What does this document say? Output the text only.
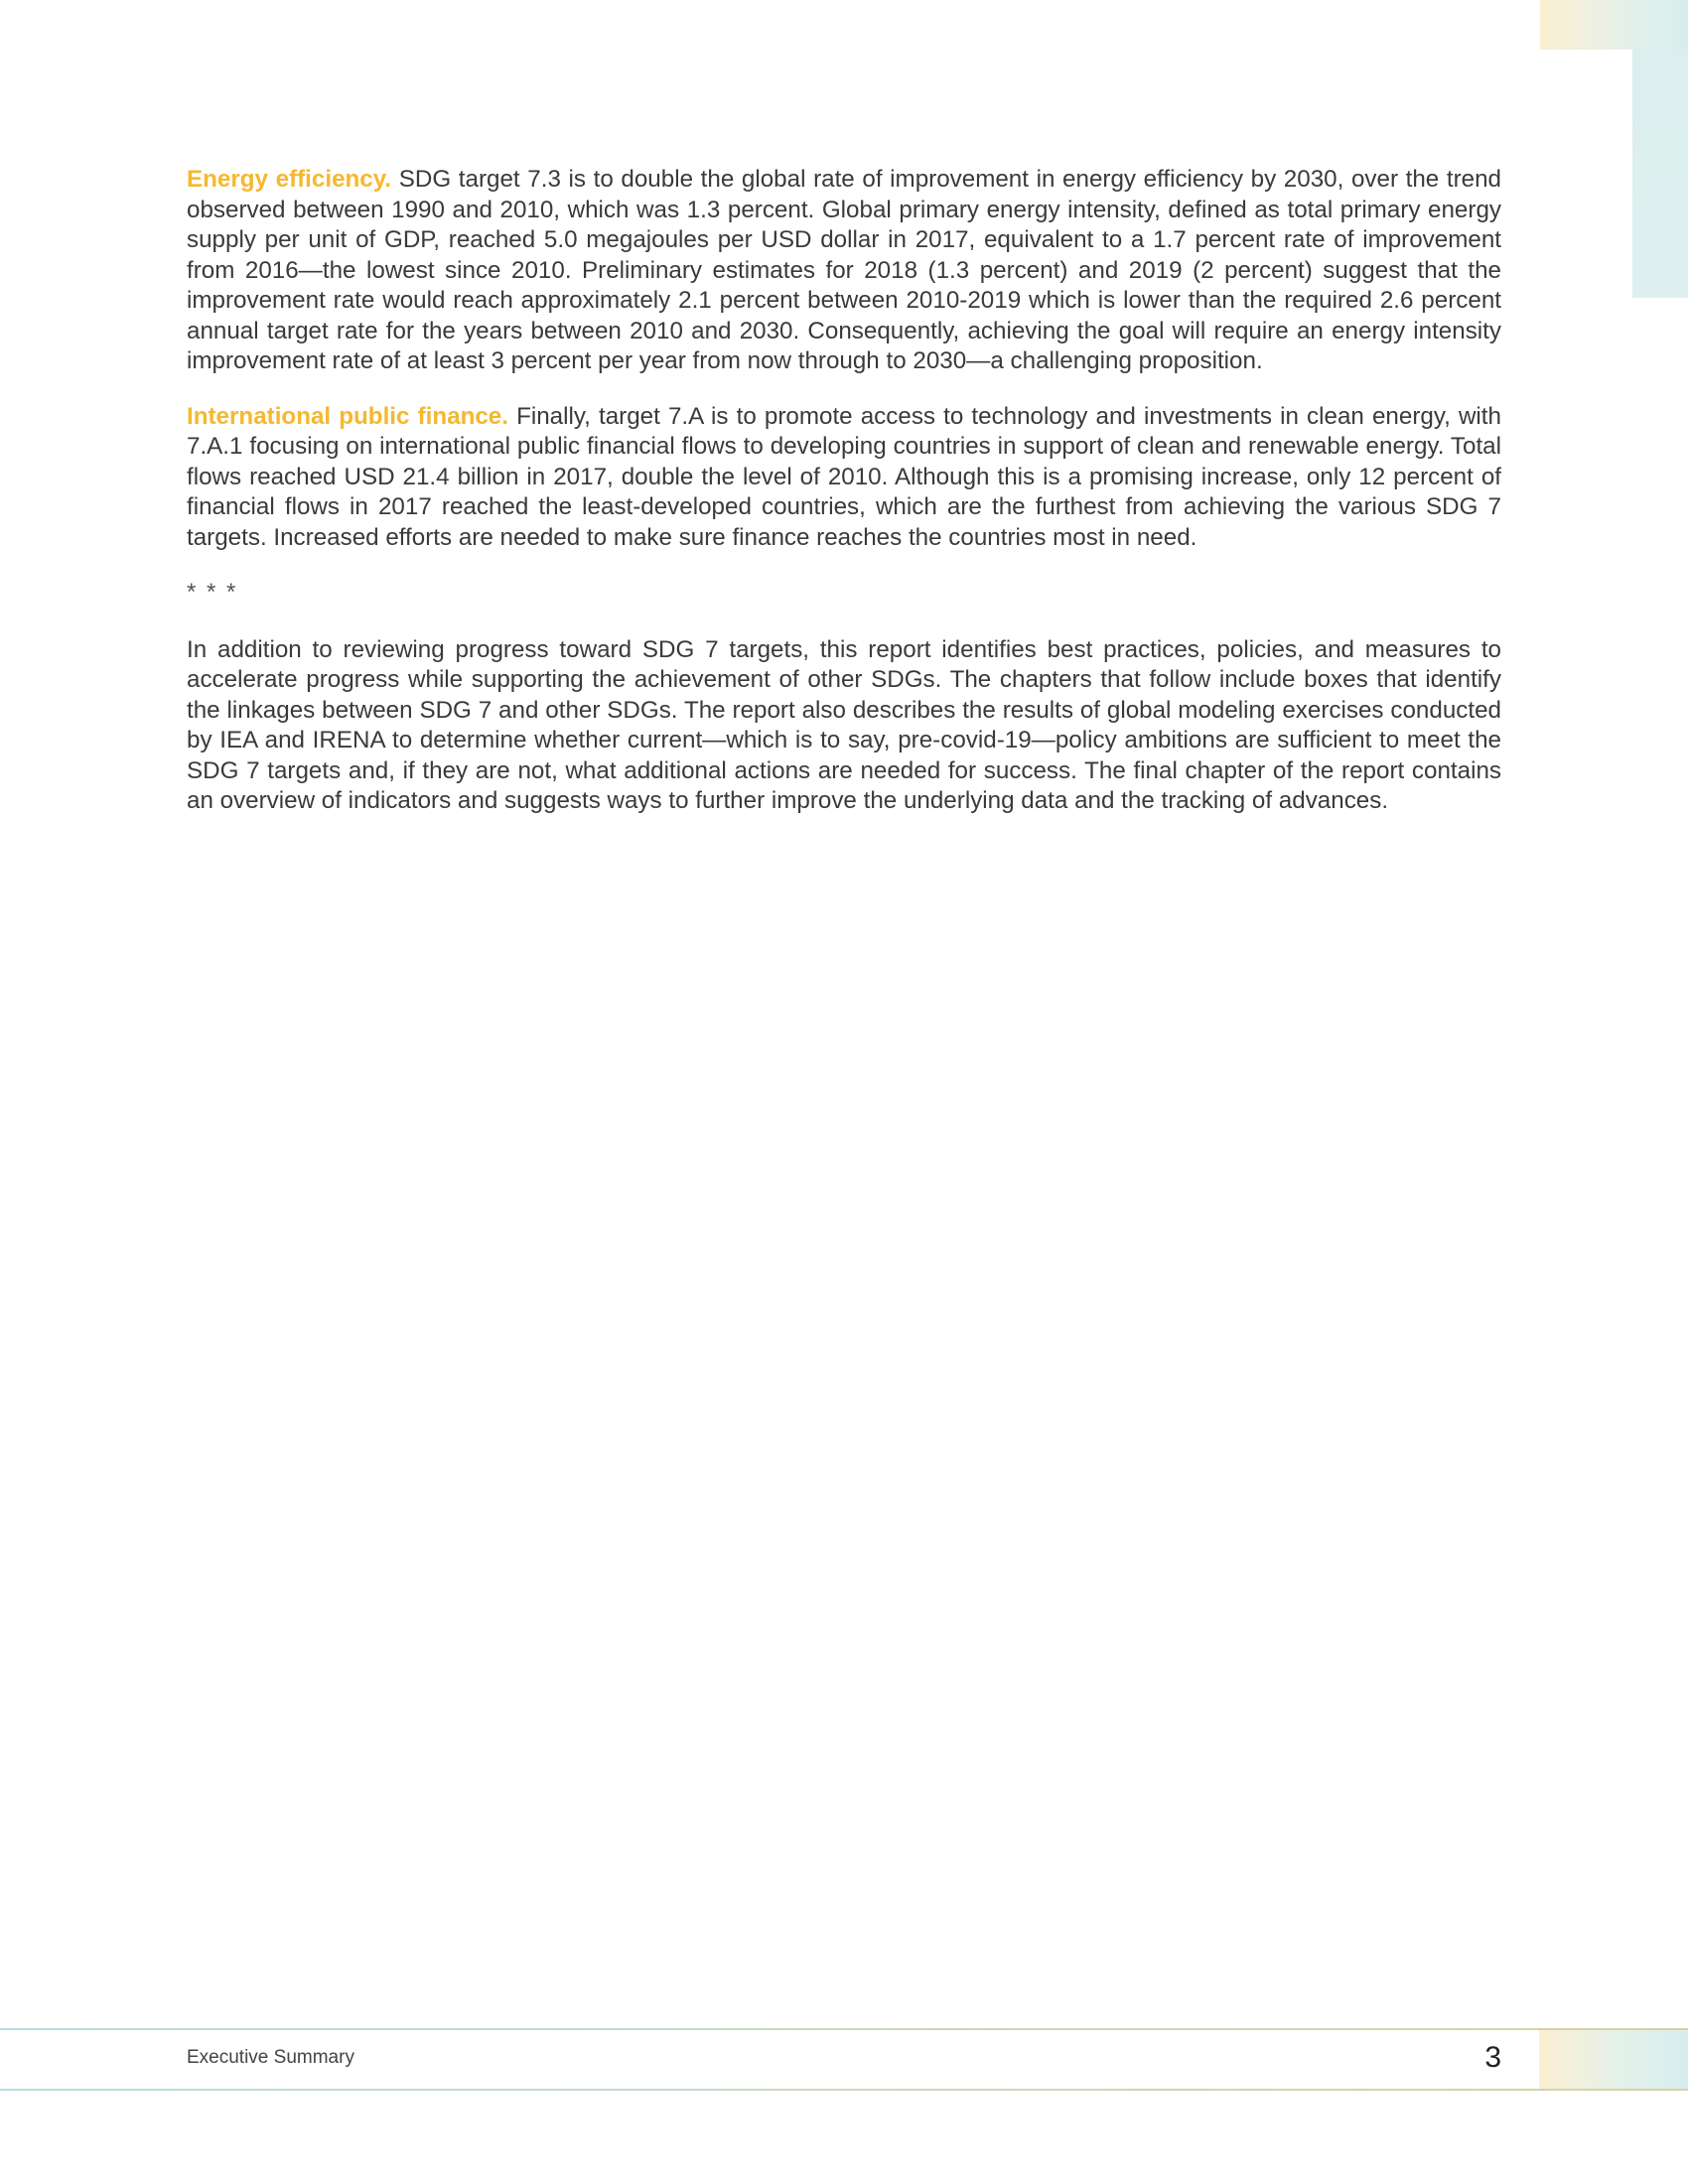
Energy efficiency. SDG target 7.3 is to double the global rate of improvement in energy efficiency by 2030, over the trend observed between 1990 and 2010, which was 1.3 percent. Global primary energy intensity, defined as total primary energy supply per unit of GDP, reached 5.0 megajoules per USD dollar in 2017, equivalent to a 1.7 percent rate of improvement from 2016—the lowest since 2010. Preliminary estimates for 2018 (1.3 percent) and 2019 (2 percent) suggest that the improvement rate would reach approximately 2.1 percent between 2010-2019 which is lower than the required 2.6 percent annual target rate for the years between 2010 and 2030. Consequently, achieving the goal will require an energy intensity improvement rate of at least 3 percent per year from now through to 2030—a challenging proposition.

International public finance. Finally, target 7.A is to promote access to technology and investments in clean energy, with 7.A.1 focusing on international public financial flows to developing countries in support of clean and renewable energy. Total flows reached USD 21.4 billion in 2017, double the level of 2010. Although this is a promising increase, only 12 percent of financial flows in 2017 reached the least-developed countries, which are the furthest from achieving the various SDG 7 targets. Increased efforts are needed to make sure finance reaches the countries most in need.

* * *

In addition to reviewing progress toward SDG 7 targets, this report identifies best practices, policies, and measures to accelerate progress while supporting the achievement of other SDGs. The chapters that follow include boxes that identify the linkages between SDG 7 and other SDGs. The report also describes the results of global modeling exercises conducted by IEA and IRENA to determine whether current—which is to say, pre-covid-19—policy ambitions are sufficient to meet the SDG 7 targets and, if they are not, what additional actions are needed for success. The final chapter of the report contains an overview of indicators and suggests ways to further improve the underlying data and the tracking of advances.

Executive Summary	3
